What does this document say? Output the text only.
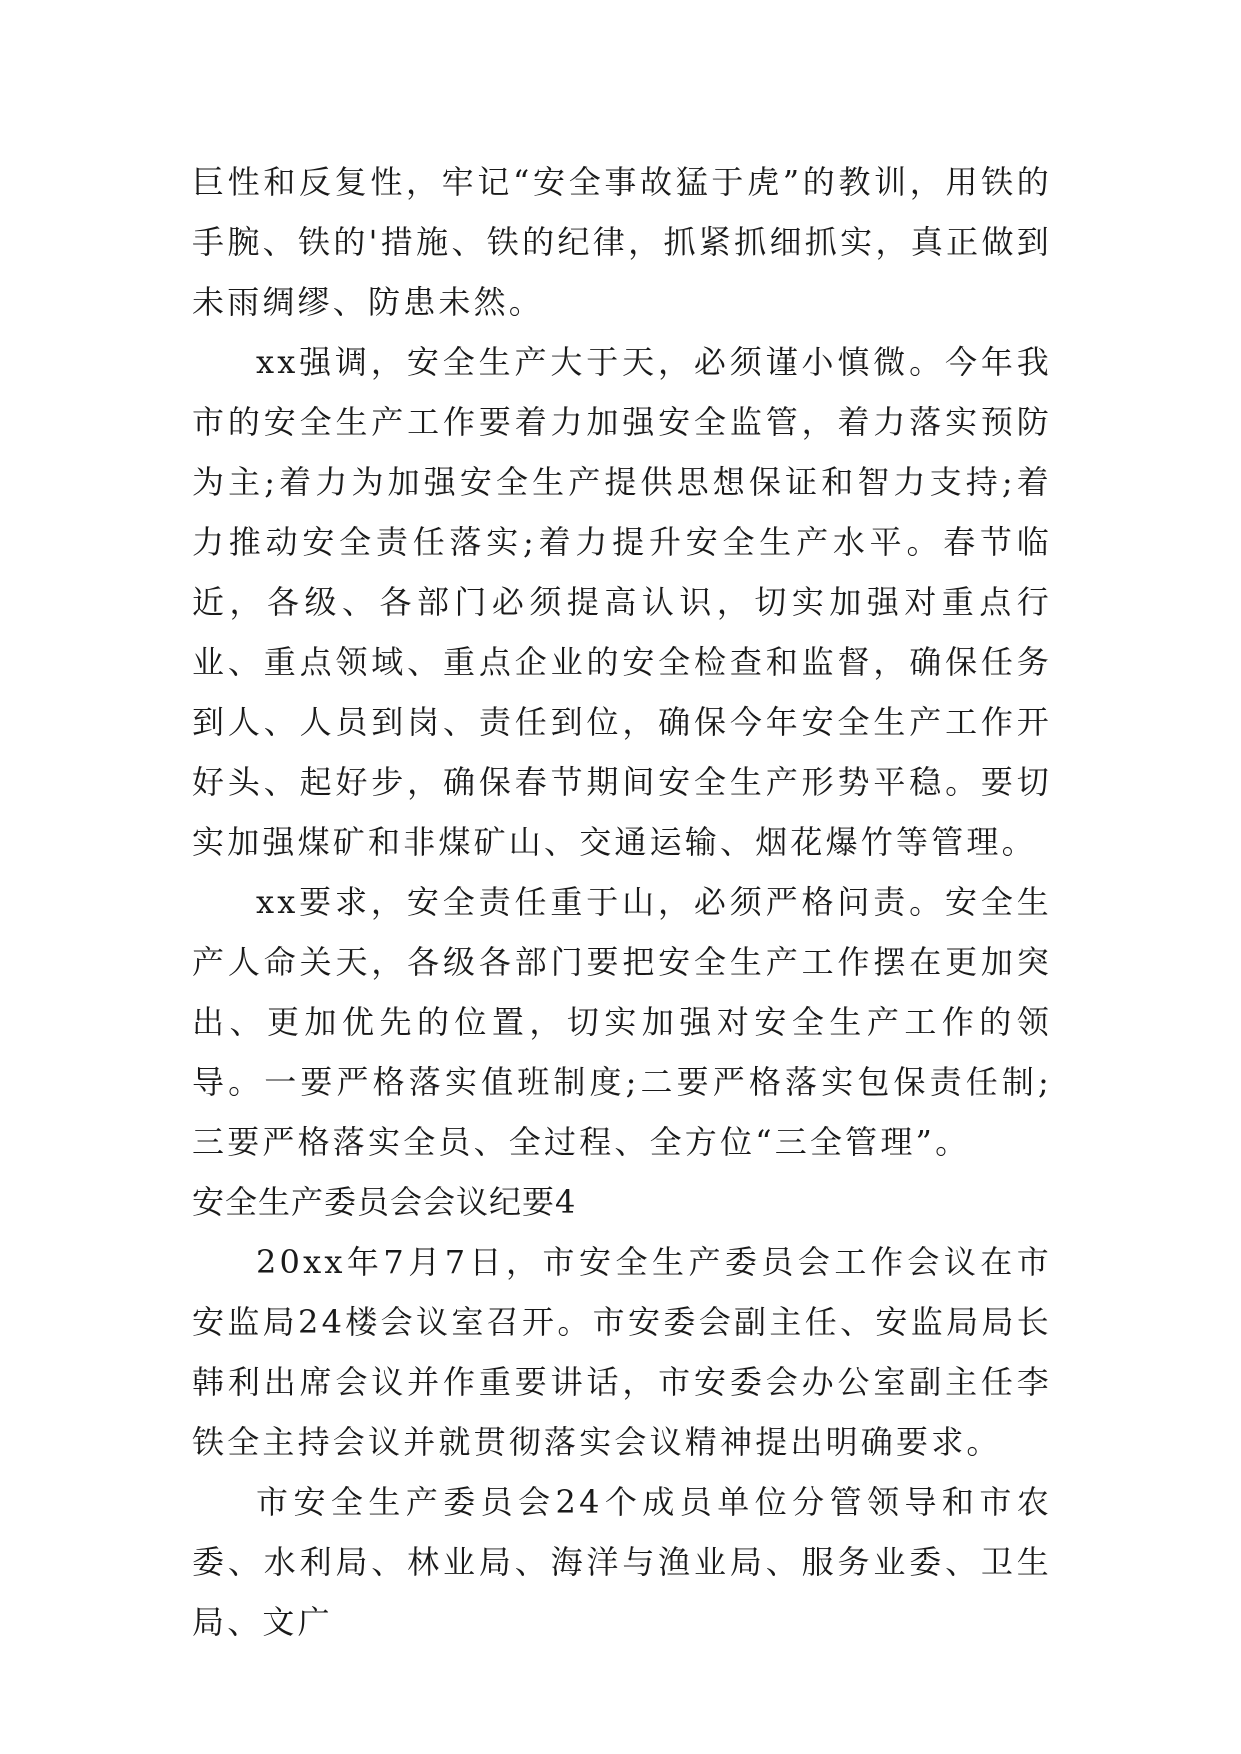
巨性和反复性，牢记“安全事故猛于虎”的教训，用铁的手腕、铁的'措施、铁的纪律，抓紧抓细抓实，真正做到未雨绸缪、防患未然。

xx强调，安全生产大于天，必须谨小慎微。今年我市的安全生产工作要着力加强安全监管，着力落实预防为主;着力为加强安全生产提供思想保证和智力支持;着力推动安全责任落实;着力提升安全生产水平。春节临近，各级、各部门必须提高认识，切实加强对重点行业、重点领域、重点企业的安全检查和监督，确保任务到人、人员到岗、责任到位，确保今年安全生产工作开好头、起好步，确保春节期间安全生产形势平稳。要切实加强煤矿和非煤矿山、交通运输、烟花爆竹等管理。

xx要求，安全责任重于山，必须严格问责。安全生产人命关天，各级各部门要把安全生产工作摆在更加突出、更加优先的位置，切实加强对安全生产工作的领导。一要严格落实值班制度;二要严格落实包保责任制;三要严格落实全员、全过程、全方位“三全管理”。

安全生产委员会会议纪要4

20xx年7月7日，市安全生产委员会工作会议在市安监局24楼会议室召开。市安委会副主任、安监局局长韩利出席会议并作重要讲话，市安委会办公室副主任李铁全主持会议并就贯彻落实会议精神提出明确要求。

市安全生产委员会24个成员单位分管领导和市农委、水利局、林业局、海洋与渔业局、服务业委、卫生局、文广
